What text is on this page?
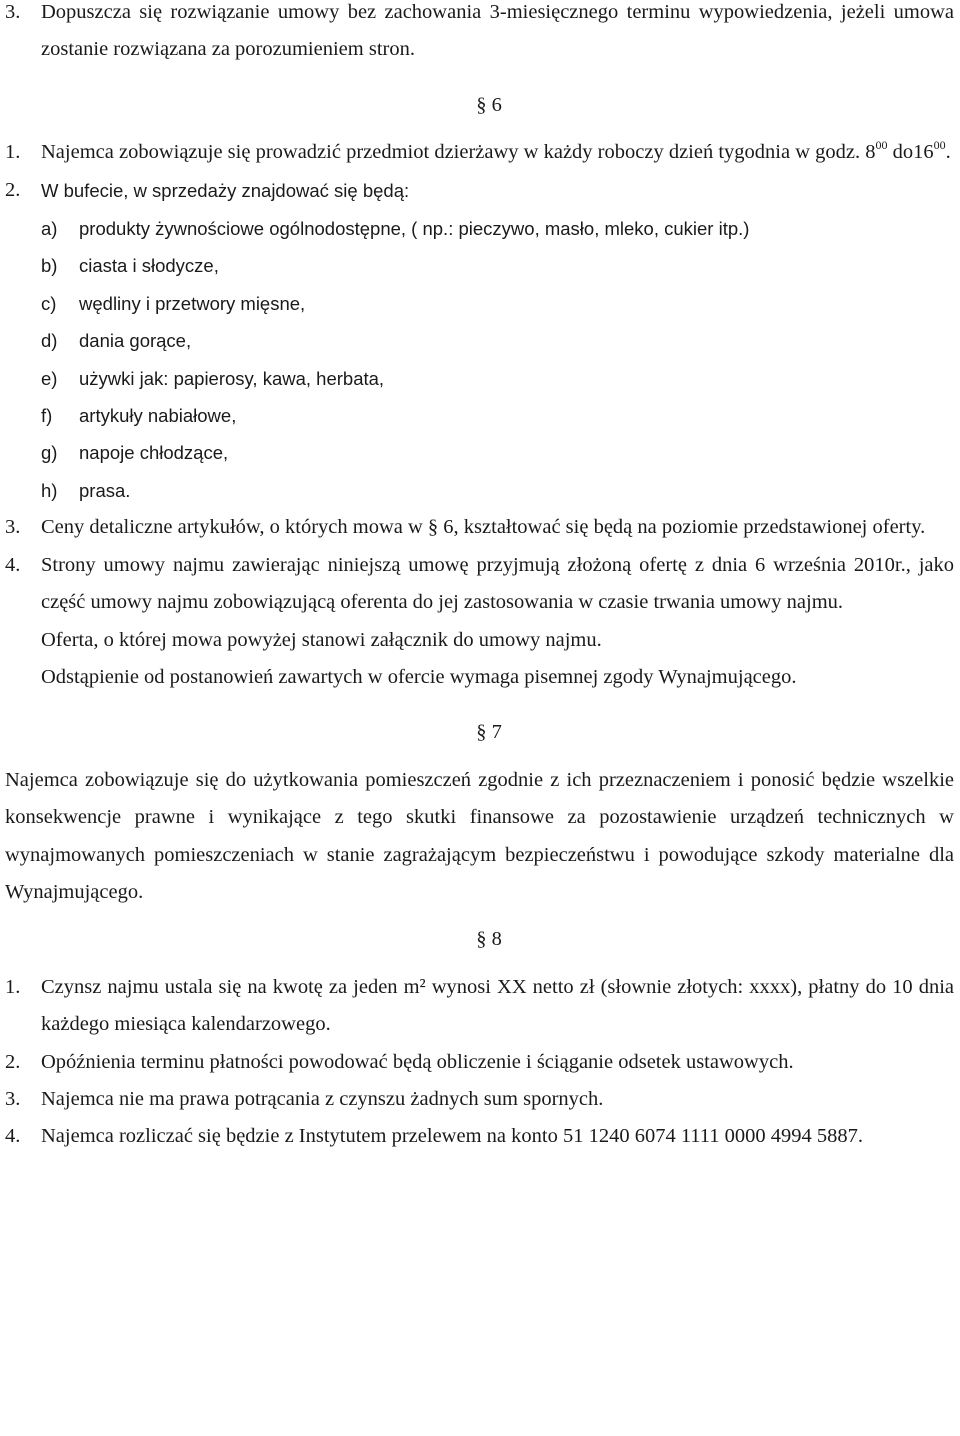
3. Dopuszcza się rozwiązanie umowy bez zachowania 3-miesięcznego terminu wypowiedzenia, jeżeli umowa zostanie rozwiązana za porozumieniem stron.
§ 6
1. Najemca zobowiązuje się prowadzić przedmiot dzierżawy w każdy roboczy dzień tygodnia w godz. $8^{00}$ $do16^{00}$.
2. W bufecie, w sprzedaży znajdować się będą:
a) produkty żywnościowe ogólnodostępne, ( np.: pieczywo, masło, mleko, cukier itp.)
b) ciasta i słodycze,
c) wędliny i przetwory mięsne,
d) dania gorące,
e) używki jak: papierosy, kawa, herbata,
f) artykuły nabiałowe,
g) napoje chłodzące,
h) prasa.
3. Ceny detaliczne artykułów, o których mowa w § 6, kształtować się będą na poziomie przedstawionej oferty.
4. Strony umowy najmu zawierając niniejszą umowę przyjmują złożoną ofertę z dnia 6 września 2010r., jako część umowy najmu zobowiązującą oferenta do jej zastosowania w czasie trwania umowy najmu.
Oferta, o której mowa powyżej stanowi załącznik do umowy najmu.
Odstąpienie od postanowień zawartych w ofercie wymaga pisemnej zgody Wynajmującego.
§ 7
Najemca zobowiązuje się do użytkowania pomieszczeń zgodnie z ich przeznaczeniem i ponosić będzie wszelkie konsekwencje prawne i wynikające z tego skutki finansowe za pozostawienie urządzeń technicznych w wynajmowanych pomieszczeniach w stanie zagrażającym bezpieczeństwu i powodujące szkody materialne dla Wynajmującego.
§ 8
1. Czynsz najmu ustala się na kwotę za jeden m² wynosi XX netto zł (słownie złotych: xxxx), płatny do 10 dnia każdego miesiąca kalendarzowego.
2. Opóźnienia terminu płatności powodować będą obliczenie i ściąganie odsetek ustawowych.
3. Najemca nie ma prawa potrącania z czynszu żadnych sum spornych.
4. Najemca rozliczać się będzie z Instytutem przelewem na konto 51 1240 6074 1111 0000 4994 5887.
